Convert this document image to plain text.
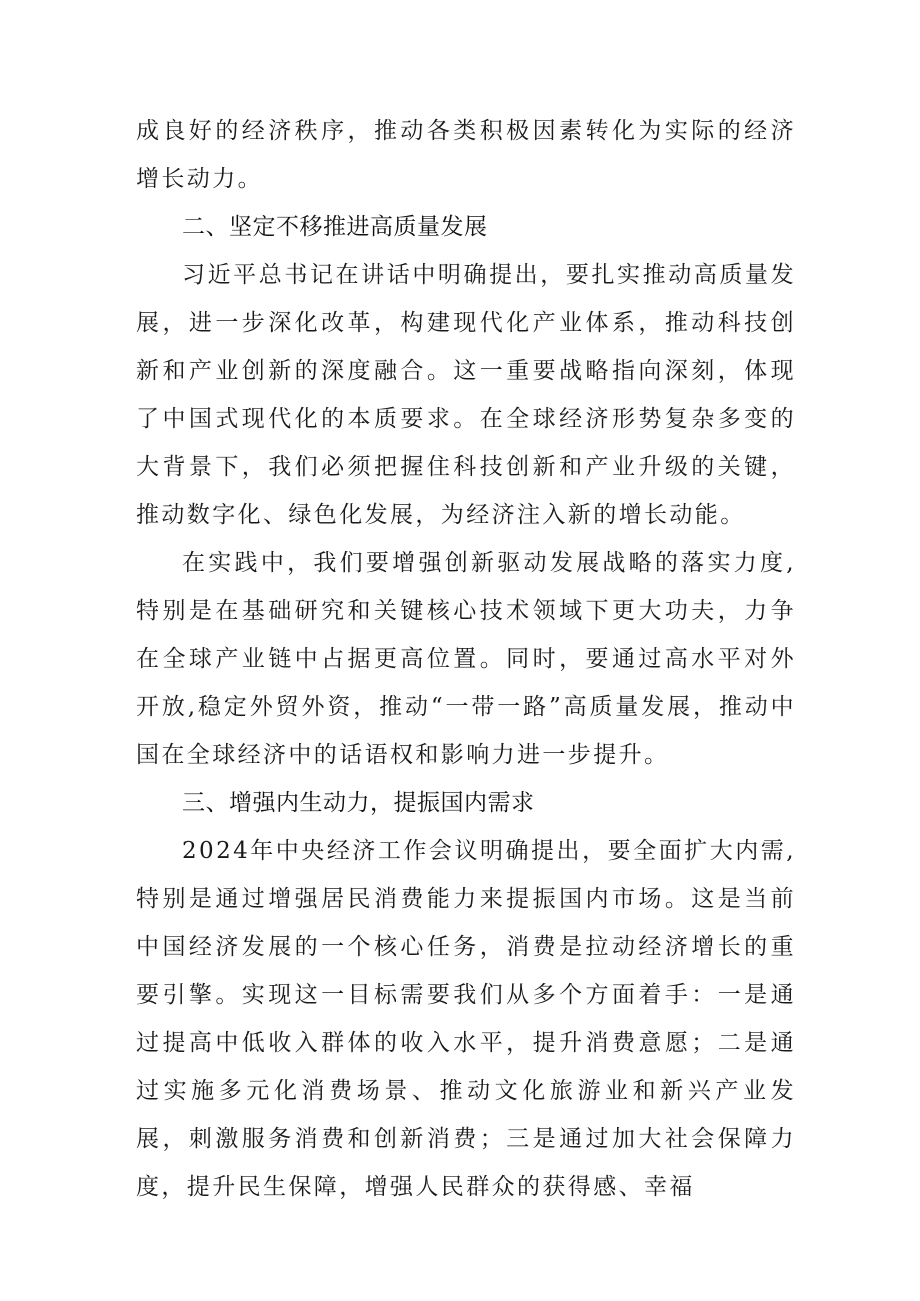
成良好的经济秩序，推动各类积极因素转化为实际的经济增长动力。

二、坚定不移推进高质量发展

习近平总书记在讲话中明确提出，要扎实推动高质量发展，进一步深化改革，构建现代化产业体系，推动科技创新和产业创新的深度融合。这一重要战略指向深刻，体现了中国式现代化的本质要求。在全球经济形势复杂多变的大背景下，我们必须把握住科技创新和产业升级的关键，推动数字化、绿色化发展，为经济注入新的增长动能。

在实践中，我们要增强创新驱动发展战略的落实力度,特别是在基础研究和关键核心技术领域下更大功夫，力争在全球产业链中占据更高位置。同时，要通过高水平对外开放,稳定外贸外资，推动“一带一路”高质量发展，推动中国在全球经济中的话语权和影响力进一步提升。

三、增强内生动力，提振国内需求

2024年中央经济工作会议明确提出，要全面扩大内需,特别是通过增强居民消费能力来提振国内市场。这是当前中国经济发展的一个核心任务，消费是拉动经济增长的重要引擎。实现这一目标需要我们从多个方面着手：一是通过提高中低收入群体的收入水平，提升消费意愿；二是通过实施多元化消费场景、推动文化旅游业和新兴产业发展，刺激服务消费和创新消费；三是通过加大社会保障力度，提升民生保障，增强人民群众的获得感、幸福
